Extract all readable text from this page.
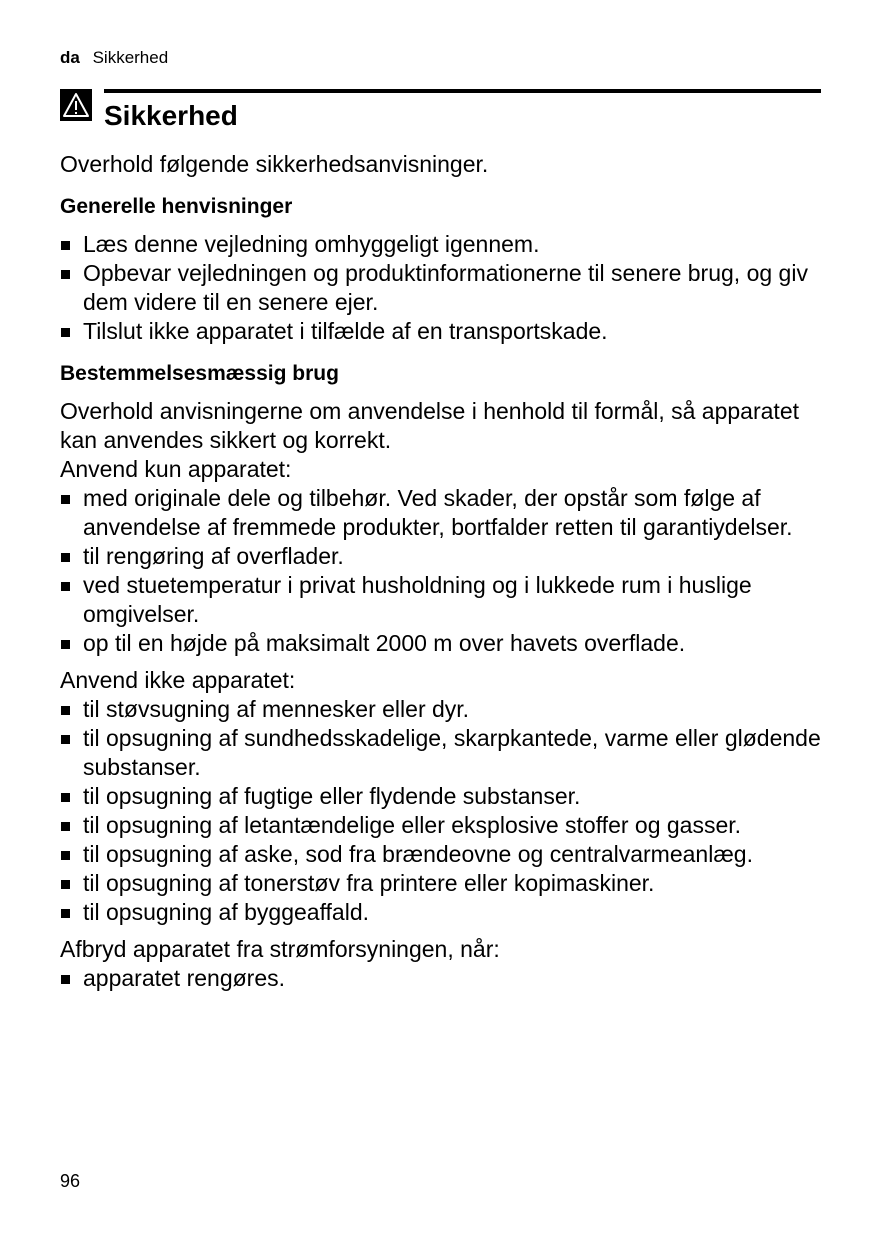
da Sikkerhed
Sikkerhed

Overhold følgende sikkerhedsanvisninger.

Generelle henvisninger
Læs denne vejledning omhyggeligt igennem.
Opbevar vejledningen og produktinformationerne til senere brug, og giv dem videre til en senere ejer.
Tilslut ikke apparatet i tilfælde af en transportskade.
Bestemmelsesmæssig brug

Overhold anvisningerne om anvendelse i henhold til formål, så apparatet kan anvendes sikkert og korrekt.

Anvend kun apparatet:

med originale dele og tilbehør. Ved skader, der opstår som følge af anvendelse af fremmede produkter, bortfalder retten til garantiydelser.
til rengøring af overflader.
ved stuetemperatur i privat husholdning og i lukkede rum i huslige omgivelser.
op til en højde på maksimalt 2000 m over havets overflade.

Anvend ikke apparatet:

til støvsugning af mennesker eller dyr.
til opsugning af sundhedsskadelige, skarpkantede, varme eller glødende substanser.
til opsugning af fugtige eller flydende substanser.
til opsugning af letantændelige eller eksplosive stoffer og gasser.
til opsugning af aske, sod fra brændeovne og centralvarmeanlæg.
til opsugning af tonerstøv fra printere eller kopimaskiner.
til opsugning af byggeaffald.

Afbryd apparatet fra strømforsyningen, når:

apparatet rengøres.
96
